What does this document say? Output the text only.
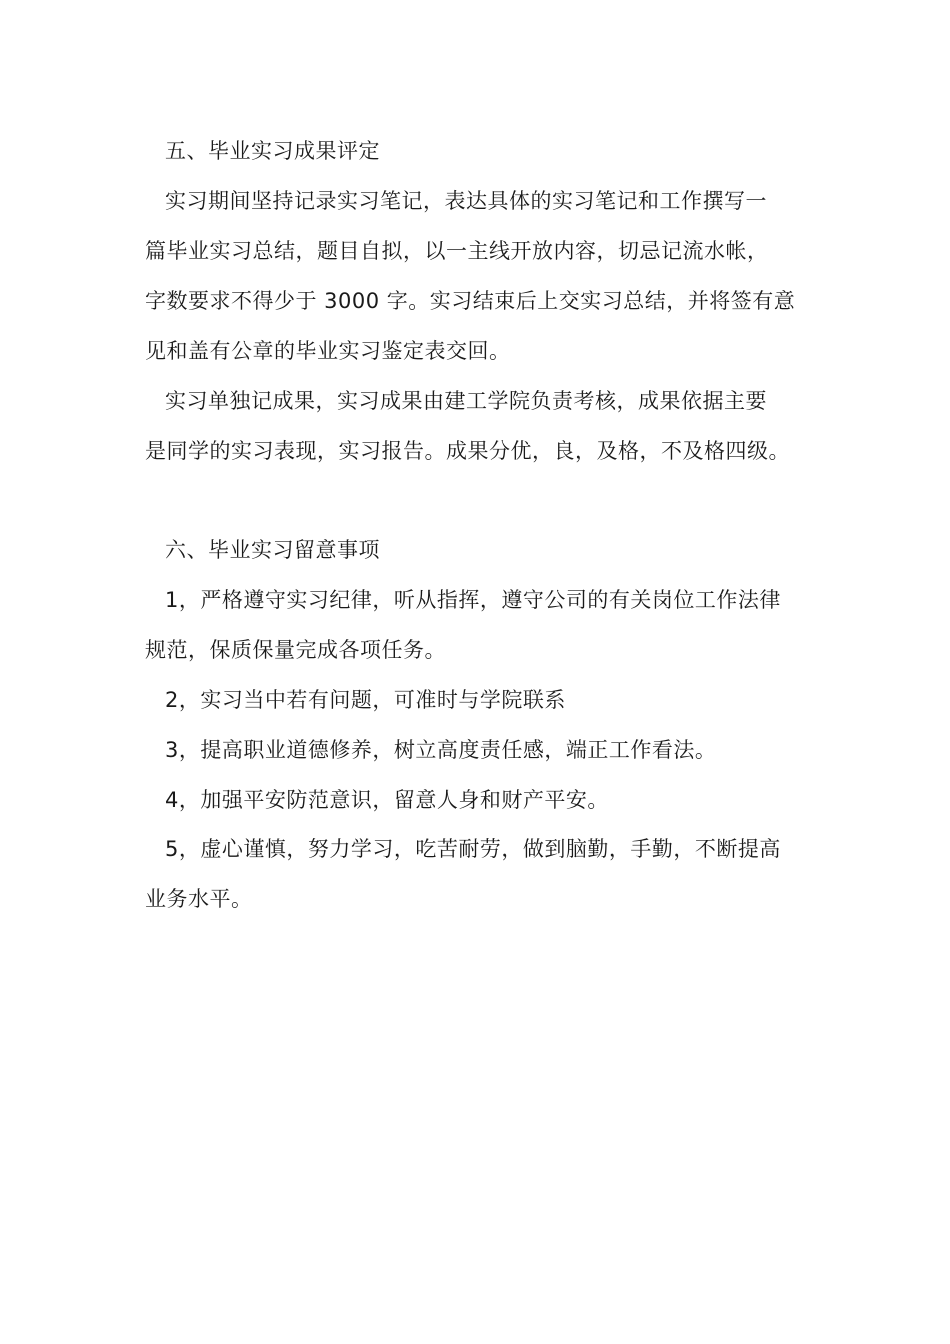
五、毕业实习成果评定
实习期间坚持记录实习笔记，表达具体的实习笔记和工作撰写一
篇毕业实习总结，题目自拟，以一主线开放内容，切忌记流水帐，
字数要求不得少于 3000 字。实习结束后上交实习总结，并将签有意
见和盖有公章的毕业实习鉴定表交回。
实习单独记成果，实习成果由建工学院负责考核，成果依据主要
是同学的实习表现，实习报告。成果分优，良，及格，不及格四级。
六、毕业实习留意事项
1，严格遵守实习纪律，听从指挥，遵守公司的有关岗位工作法律
规范，保质保量完成各项任务。
2，实习当中若有问题，可准时与学院联系
3，提高职业道德修养，树立高度责任感，端正工作看法。
4，加强平安防范意识，留意人身和财产平安。
5，虚心谨慎，努力学习，吃苦耐劳，做到脑勤，手勤，不断提高
业务水平。
